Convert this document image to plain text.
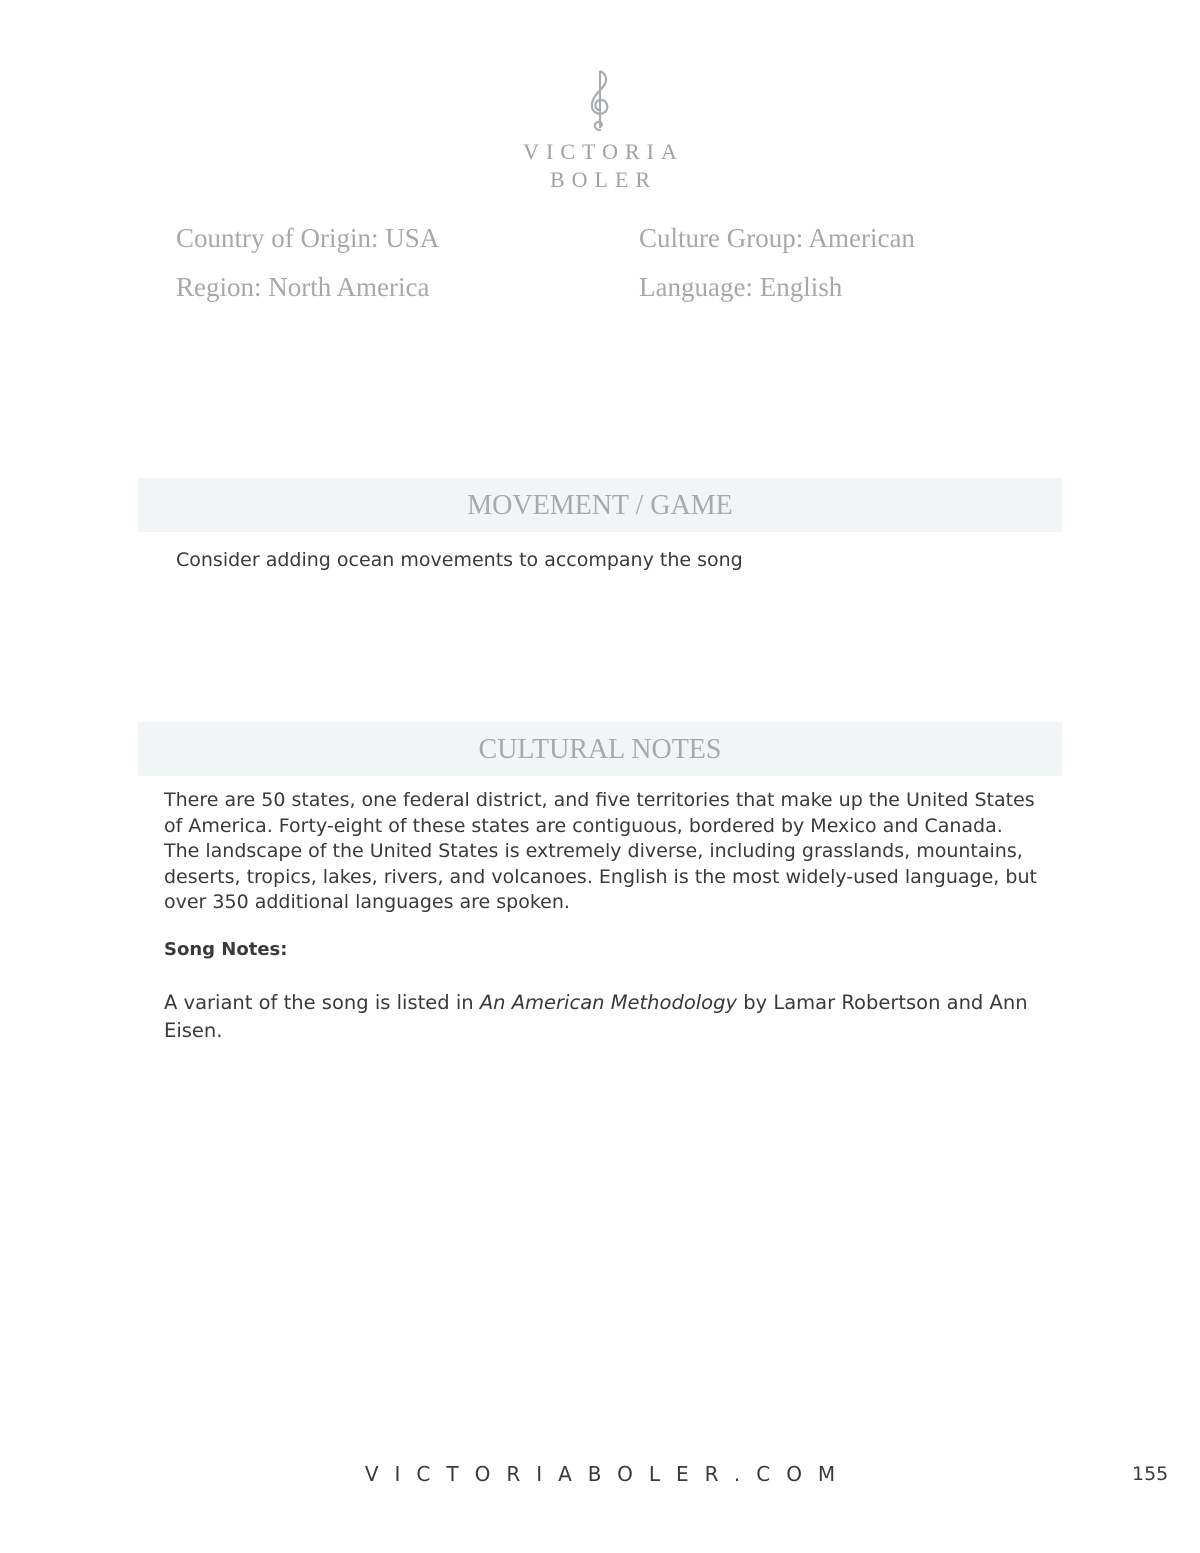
VICTORIA
BOLER
Country of Origin: USA
Region: North America
Culture Group: American
Language: English
MOVEMENT / GAME
Consider adding ocean movements to accompany the song
CULTURAL NOTES
There are 50 states, one federal district, and five territories that make up the United States of America. Forty-eight of these states are contiguous, bordered by Mexico and Canada. The landscape of the United States is extremely diverse, including grasslands, mountains, deserts, tropics, lakes, rivers, and volcanoes. English is the most widely-used language, but over 350 additional languages are spoken.
Song Notes:
A variant of the song is listed in An American Methodology by Lamar Robertson and Ann Eisen.
VICTORIABOLER.COM	155
